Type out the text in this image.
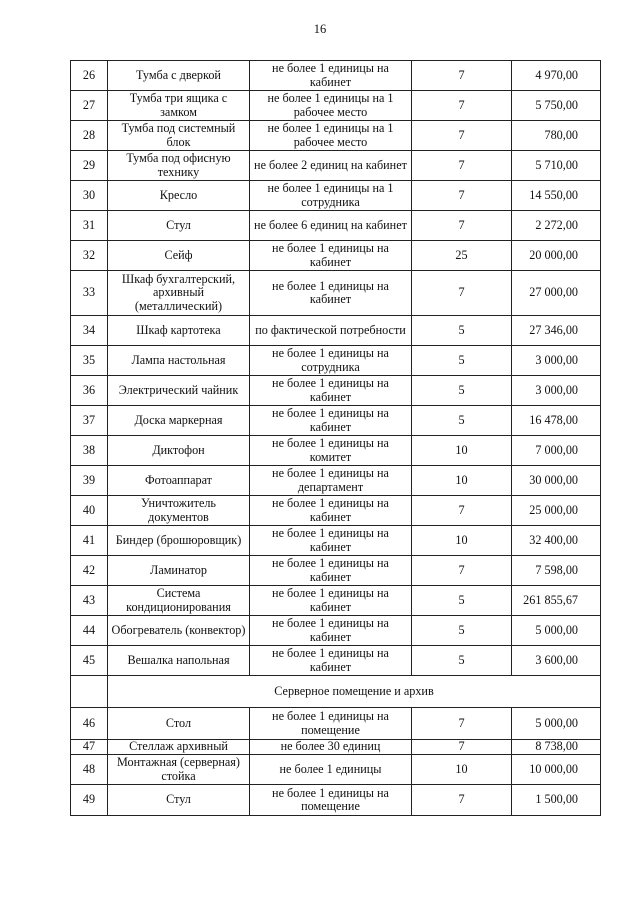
16
26	Тумба с дверкой	не более 1 единицы на кабинет	7	4 970,00
27	Тумба три ящика с замком	не более 1 единицы на 1 рабочее место	7	5 750,00
28	Тумба под системный блок	не более 1 единицы на 1 рабочее место	7	780,00
29	Тумба под офисную технику	не более 2 единиц на кабинет	7	5 710,00
30	Кресло	не более 1 единицы на 1 сотрудника	7	14 550,00
31	Стул	не более 6 единиц на кабинет	7	2 272,00
32	Сейф	не более 1 единицы на кабинет	25	20 000,00
33	Шкаф бухгалтерский, архивный (металлический)	не более 1 единицы на кабинет	7	27 000,00
34	Шкаф картотека	по фактической потребности	5	27 346,00
35	Лампа настольная	не более 1 единицы на сотрудника	5	3 000,00
36	Электрический чайник	не более 1 единицы на кабинет	5	3 000,00
37	Доска маркерная	не более 1 единицы на кабинет	5	16 478,00
38	Диктофон	не более 1 единицы на комитет	10	7 000,00
39	Фотоаппарат	не более 1 единицы на департамент	10	30 000,00
40	Уничтожитель документов	не более 1 единицы на кабинет	7	25 000,00
41	Биндер (брошюровщик)	не более 1 единицы на кабинет	10	32 400,00
42	Ламинатор	не более 1 единицы на кабинет	7	7 598,00
43	Система кондиционирования	не более 1 единицы на кабинет	5	261 855,67
44	Обогреватель (конвектор)	не более 1 единицы на кабинет	5	5 000,00
45	Вешалка напольная	не более 1 единицы на кабинет	5	3 600,00
	Серверное помещение и архив			
46	Стол	не более 1 единицы на помещение	7	5 000,00
47	Стеллаж архивный	не более 30 единиц	7	8 738,00
48	Монтажная (серверная) стойка	не более 1 единицы	10	10 000,00
49	Стул	не более 1 единицы на помещение	7	1 500,00
